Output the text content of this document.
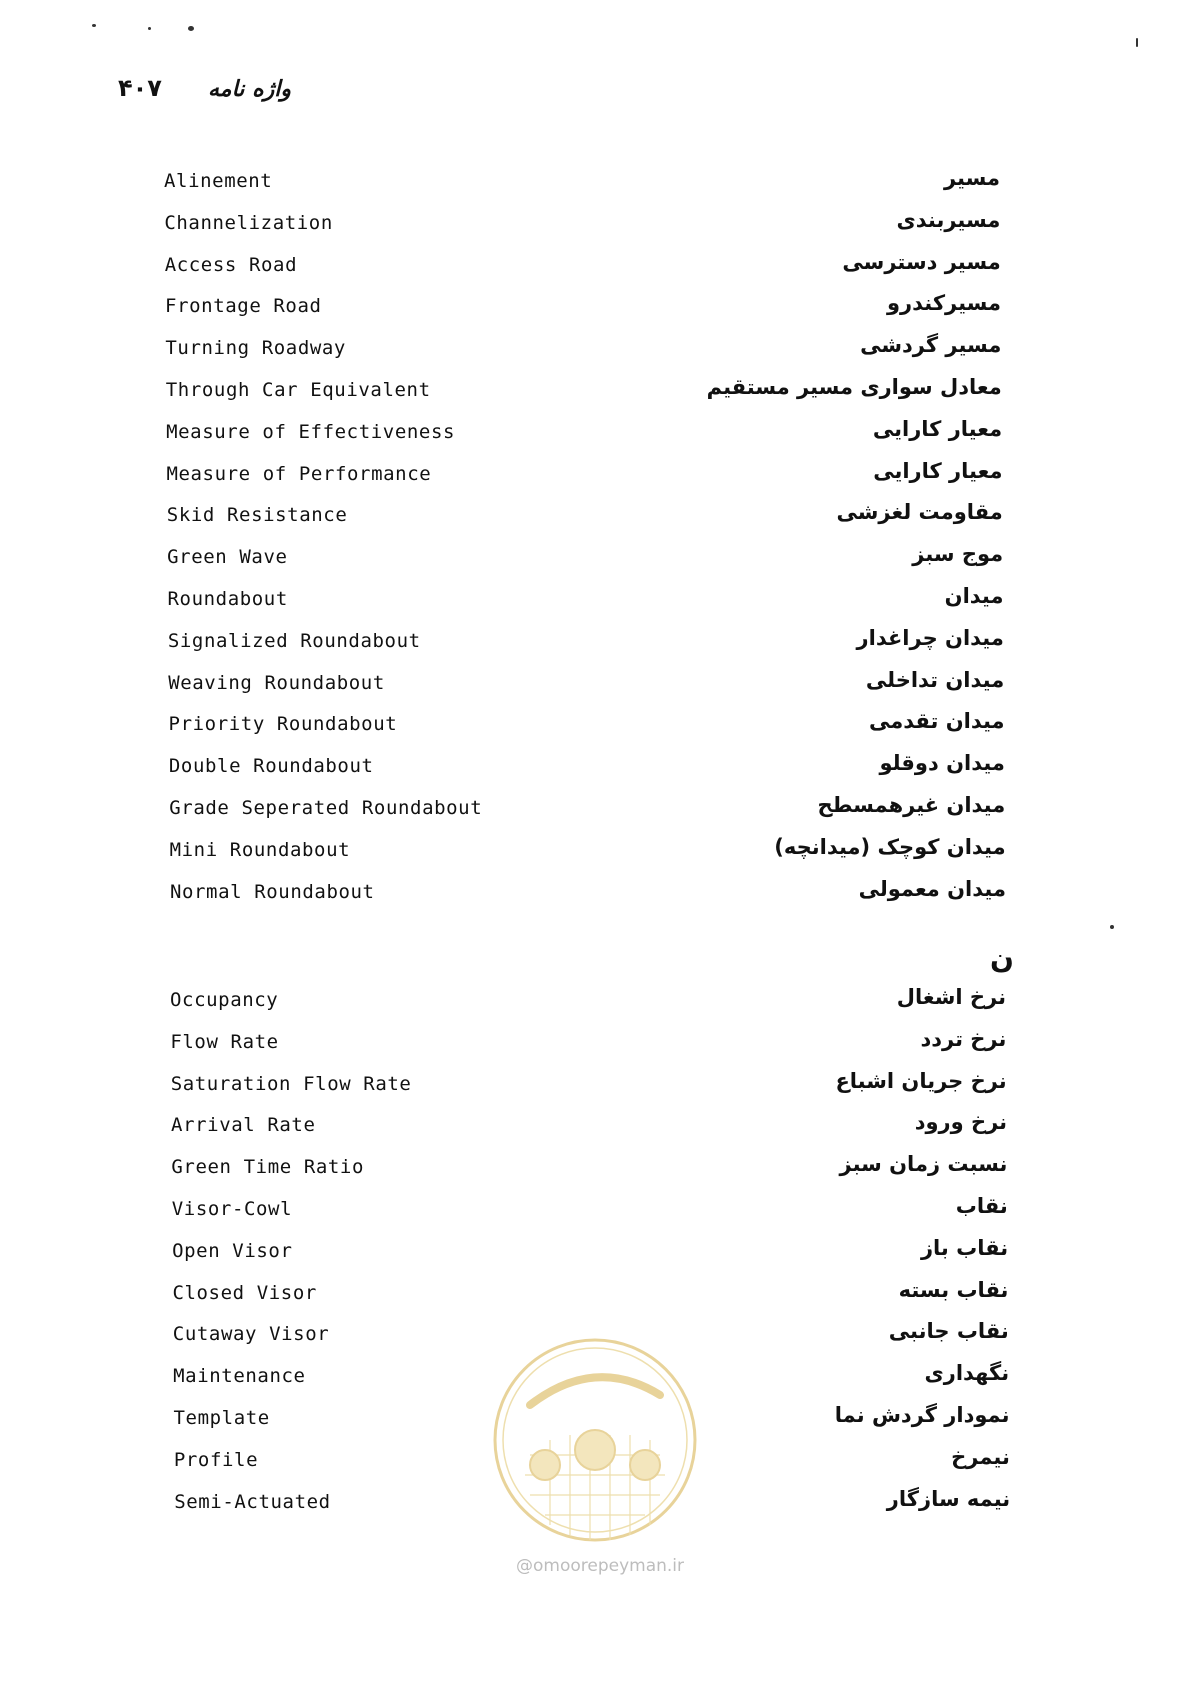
۴۰۷ واژه نامه
Alinement	مسیر
Channelization	مسیربندی
Access Road	مسیر دسترسی
Frontage Road	مسیرکندرو
Turning Roadway	مسیر گردشی
Through Car Equivalent	معادل سواری مسیر مستقیم
Measure of Effectiveness	معیار کارایی
Measure of Performance	معیار کارایی
Skid Resistance	مقاومت لغزشی
Green Wave	موج سبز
Roundabout	میدان
Signalized Roundabout	میدان چراغدار
Weaving Roundabout	میدان تداخلی
Priority Roundabout	میدان تقدمی
Double Roundabout	میدان دوقلو
Grade Seperated Roundabout	میدان غیرهمسطح
Mini Roundabout	میدان کوچک (میدانچه)
Normal Roundabout	میدان معمولی
Occupancy	نرخ اشغال
Flow Rate	نرخ تردد
Saturation Flow Rate	نرخ جریان اشباع
Arrival Rate	نرخ ورود
Green Time Ratio	نسبت زمان سبز
Visor-Cowl	نقاب
Open Visor	نقاب باز
Closed Visor	نقاب بسته
Cutaway Visor	نقاب جانبی
Maintenance	نگهداری
Template	نمودار گردش نما
Profile	نیمرخ
Semi-Actuated	نیمه سازگار
ن
@omoorepeyman.ir
